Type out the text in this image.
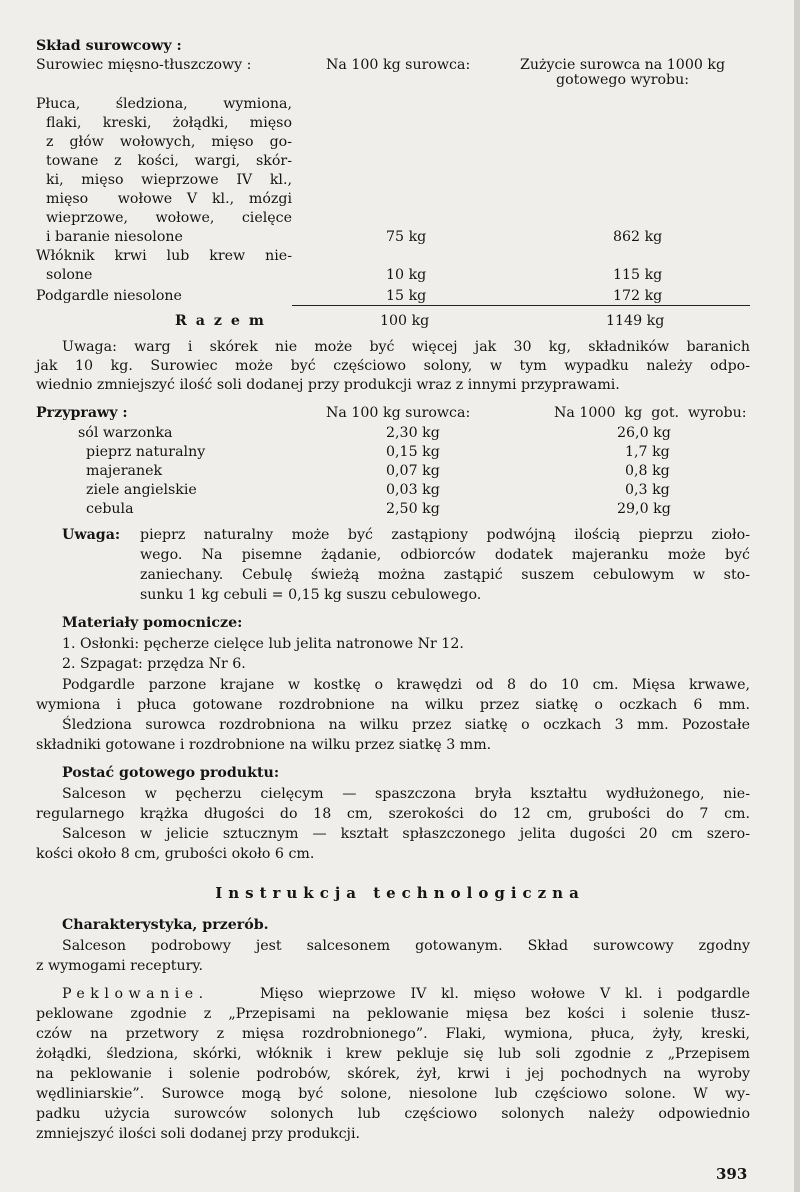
Skład surowcowy :
Surowiec mięsno-tłuszczowy :	Na 100 kg surowca:	Zużycie surowca na 1000 kg
gotowego wyrobu:
Płuca,   śledziona,   wymiona,
flaki, kreski, żołądki, mięso
z głów wołowych, mięso go-
towane z kości, wargi, skór-
ki, mięso wieprzowe IV kl.,
mięso  wołowe V kl., mózgi
wieprzowe,  wołowe,  cielęce
i baranie niesolone	75 kg	862 kg
Włóknik krwi lub krew nie-
solone	10 kg	115 kg
Podgardle niesolone	15 kg	172 kg
R a z e m	100 kg	1149 kg
Uwaga: warg i skórek nie może być więcej jak 30 kg, składników baranich
jak 10 kg. Surowiec może być częściowo solony, w tym wypadku należy odpo-
wiednio zmniejszyć ilość soli dodanej przy produkcji wraz z innymi przyprawami.
Przyprawy :	Na 100 kg surowca:	Na 1000  kg  got.  wyrobu:
sól warzonka	2,30 kg	26,0 kg
pieprz naturalny	0,15 kg	1,7 kg
majeranek	0,07 kg	0,8 kg
ziele angielskie	0,03 kg	0,3 kg
cebula	2,50 kg	29,0 kg
Uwaga: pieprz naturalny może być zastąpiony podwójną ilością pieprzu zioło-
wego. Na pisemne żądanie, odbiorców dodatek majeranku może być
zaniechany. Cebulę świeżą można zastąpić suszem cebulowym w sto-
sunku 1 kg cebuli = 0,15 kg suszu cebulowego.
Materiały pomocnicze:
1. Osłonki: pęcherze cielęce lub jelita natronowe Nr 12.
2. Szpagat: przędza Nr 6.
Podgardle parzone krajane w kostkę o krawędzi od 8 do 10 cm. Mięsa krwawe,
wymiona i płuca gotowane rozdrobnione na wilku przez siatkę o oczkach 6 mm.
Śledziona surowca rozdrobniona na wilku przez siatkę o oczkach 3 mm. Pozostałe
składniki gotowane i rozdrobnione na wilku przez siatkę 3 mm.
Postać gotowego produktu:
Salceson w pęcherzu cielęcym — spaszczona bryła kształtu wydłużonego, nie-
regularnego krążka długości do 18 cm, szerokości do 12 cm, grubości do 7 cm.
Salceson w jelicie sztucznym — kształt spłaszczonego jelita dugości 20 cm szero-
kości około 8 cm, grubości około 6 cm.
Instrukcja technologiczna
Charakterystyka, przerób.
Salceson podrobowy jest salcesonem gotowanym. Skład surowcowy zgodny
z wymogami receptury.
Peklowanie.	Mięso wieprzowe IV kl. mięso wołowe V kl. i podgardle
peklowane zgodnie z „Przepisami na peklowanie mięsa bez kości i solenie tłusz-
czów na przetwory z mięsa rozdrobnionego”. Flaki, wymiona, płuca, żyły, kreski,
żołądki, śledziona, skórki, włóknik i krew pekluje się lub soli zgodnie z „Przepisem
na peklowanie i solenie podrobów, skórek, żył, krwi i jej pochodnych na wyroby
wędliniarskie”. Surowce mogą być solone, niesolone lub częściowo solone. W wy-
padku użycia surowców solonych lub częściowo solonych należy odpowiednio
zmniejszyć ilości soli dodanej przy produkcji.
393
